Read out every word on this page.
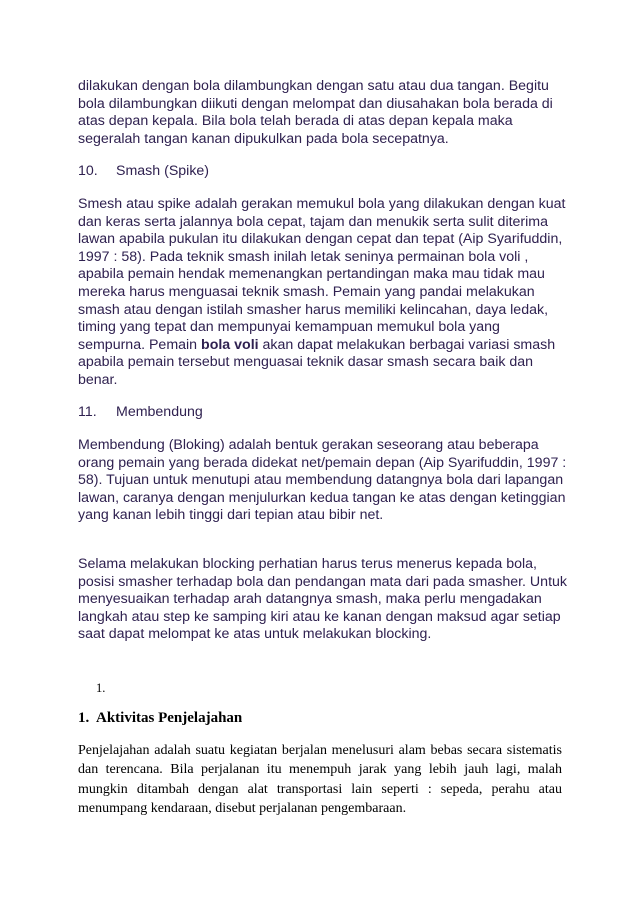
dilakukan dengan bola dilambungkan dengan satu atau dua tangan. Begitu bola dilambungkan diikuti dengan melompat dan diusahakan bola berada di atas depan kepala. Bila bola telah berada di atas depan kepala maka segeralah tangan kanan dipukulkan pada bola secepatnya.

10. Smash (Spike)

Smesh atau spike adalah gerakan memukul bola yang dilakukan dengan kuat dan keras serta jalannya bola cepat, tajam dan menukik serta sulit diterima lawan apabila pukulan itu dilakukan dengan cepat dan tepat (Aip Syarifuddin, 1997 : 58). Pada teknik smash inilah letak seninya permainan bola voli , apabila pemain hendak memenangkan pertandingan maka mau tidak mau mereka harus menguasai teknik smash. Pemain yang pandai melakukan smash atau dengan istilah smasher harus memiliki kelincahan, daya ledak, timing yang tepat dan mempunyai kemampuan memukul bola yang sempurna. Pemain bola voli akan dapat melakukan berbagai variasi smash apabila pemain tersebut menguasai teknik dasar smash secara baik dan benar.

11. Membendung

Membendung (Bloking) adalah bentuk gerakan seseorang atau beberapa orang pemain yang berada didekat net/pemain depan (Aip Syarifuddin, 1997 : 58). Tujuan untuk menutupi atau membendung datangnya bola dari lapangan lawan, caranya dengan menjulurkan kedua tangan ke atas dengan ketinggian yang kanan lebih tinggi dari tepian atau bibir net.

Selama melakukan blocking perhatian harus terus menerus kepada bola, posisi smasher terhadap bola dan pendangan mata dari pada smasher. Untuk menyesuaikan terhadap arah datangnya smash, maka perlu mengadakan langkah atau step ke samping kiri atau ke kanan dengan maksud agar setiap saat dapat melompat ke atas untuk melakukan blocking.

1.

1. Aktivitas Penjelajahan

Penjelajahan adalah suatu kegiatan berjalan menelusuri alam bebas secara sistematis dan terencana. Bila perjalanan itu menempuh jarak yang lebih jauh lagi, malah mungkin ditambah dengan alat transportasi lain seperti : sepeda, perahu atau menumpang kendaraan, disebut perjalanan pengembaraan.
